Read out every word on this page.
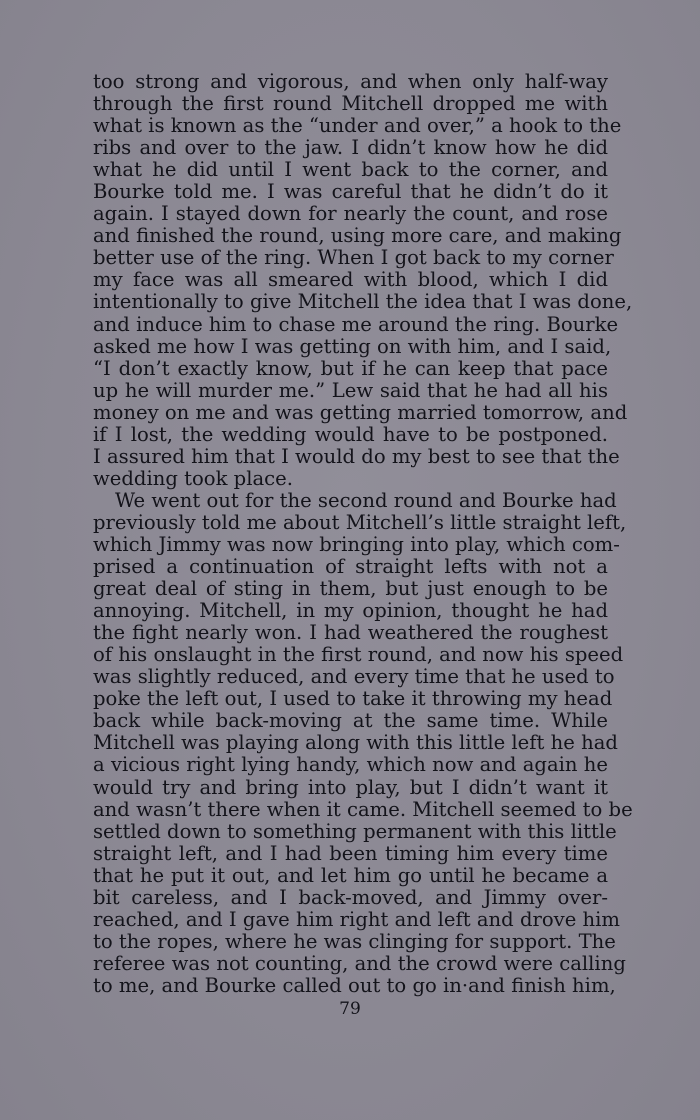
too strong and vigorous, and when only half-way
through the first round Mitchell dropped me with
what is known as the “under and over,” a hook to the
ribs and over to the jaw. I didn’t know how he did
what he did until I went back to the corner, and
Bourke told me. I was careful that he didn’t do it
again. I stayed down for nearly the count, and rose
and finished the round, using more care, and making
better use of the ring. When I got back to my corner
my face was all smeared with blood, which I did
intentionally to give Mitchell the idea that I was done,
and induce him to chase me around the ring. Bourke
asked me how I was getting on with him, and I said,
“I don’t exactly know, but if he can keep that pace
up he will murder me.” Lew said that he had all his
money on me and was getting married tomorrow, and
if I lost, the wedding would have to be postponed.
I assured him that I would do my best to see that the
wedding took place.
We went out for the second round and Bourke had
previously told me about Mitchell’s little straight left,
which Jimmy was now bringing into play, which com-
prised a continuation of straight lefts with not a
great deal of sting in them, but just enough to be
annoying. Mitchell, in my opinion, thought he had
the fight nearly won. I had weathered the roughest
of his onslaught in the first round, and now his speed
was slightly reduced, and every time that he used to
poke the left out, I used to take it throwing my head
back while back-moving at the same time. While
Mitchell was playing along with this little left he had
a vicious right lying handy, which now and again he
would try and bring into play, but I didn’t want it
and wasn’t there when it came. Mitchell seemed to be
settled down to something permanent with this little
straight left, and I had been timing him every time
that he put it out, and let him go until he became a
bit careless, and I back-moved, and Jimmy over-
reached, and I gave him right and left and drove him
to the ropes, where he was clinging for support. The
referee was not counting, and the crowd were calling
to me, and Bourke called out to go in·and finish him,
79
